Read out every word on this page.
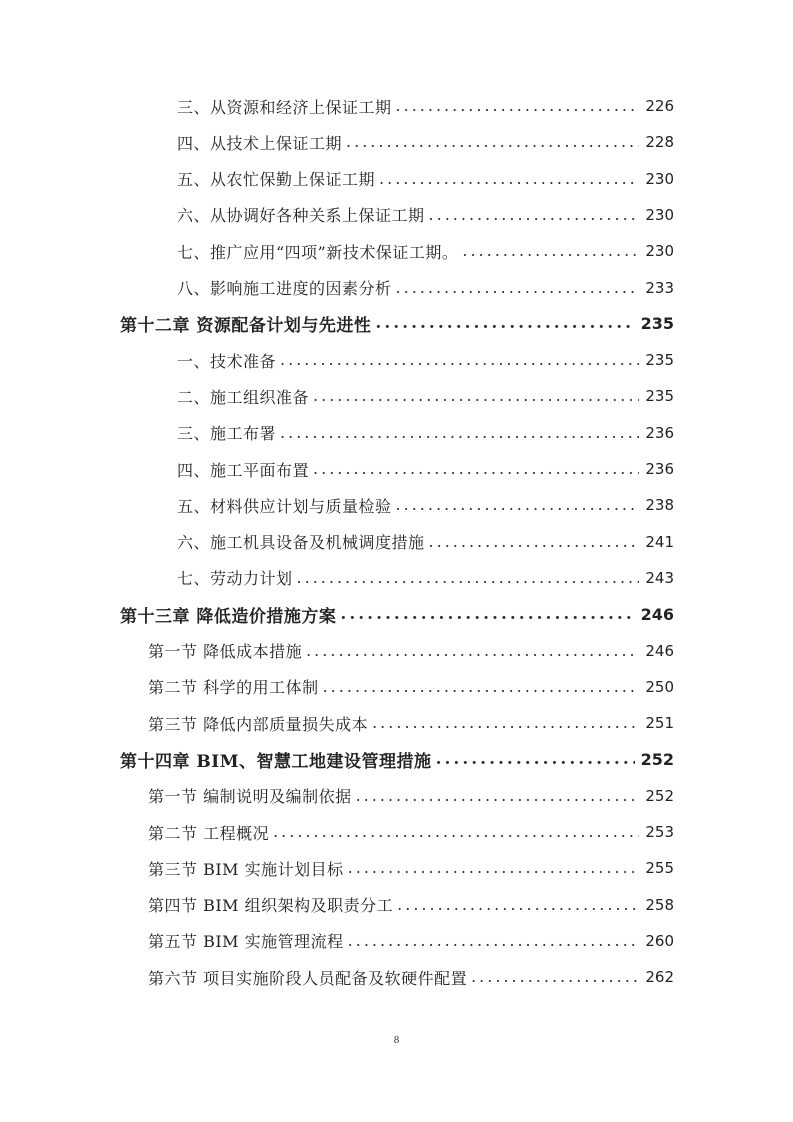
三、从资源和经济上保证工期 .....	226
四、从技术上保证工期 .....	228
五、从农忙保勤上保证工期 .....	230
六、从协调好各种关系上保证工期 .....	230
七、推广应用“四项”新技术保证工期。 .....	230
八、影响施工进度的因素分析 .....	233
第十二章 资源配备计划与先进性 .....	235
一、技术准备 .....	235
二、施工组织准备 .....	235
三、施工布署 .....	236
四、施工平面布置 .....	236
五、材料供应计划与质量检验 .....	238
六、施工机具设备及机械调度措施 .....	241
七、劳动力计划 .....	243
第十三章 降低造价措施方案 .....	246
第一节 降低成本措施 .....	246
第二节 科学的用工体制 .....	250
第三节 降低内部质量损失成本 .....	251
第十四章 BIM、智慧工地建设管理措施 .....	252
第一节 编制说明及编制依据 .....	252
第二节 工程概况 .....	253
第三节 BIM 实施计划目标 .....	255
第四节 BIM 组织架构及职责分工 .....	258
第五节 BIM 实施管理流程 .....	260
第六节 项目实施阶段人员配备及软硬件配置 .....	262
8
